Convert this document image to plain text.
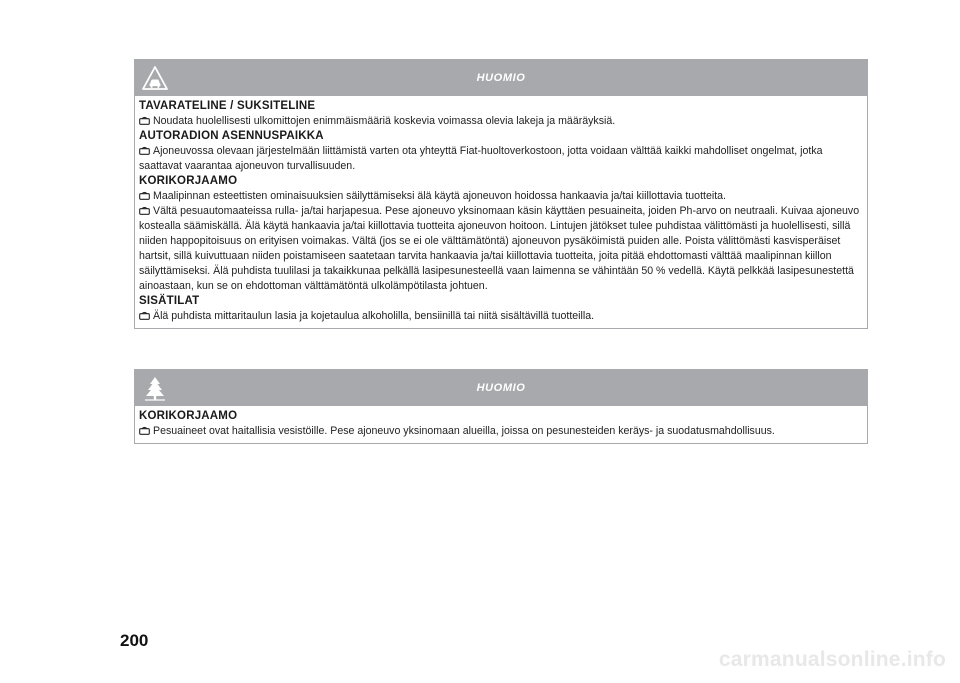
HUOMIO
TAVARATELINE / SUKSITELINE
Noudata huolellisesti ulkomittojen enimmäismääriä koskevia voimassa olevia lakeja ja määräyksiä.
AUTORADION ASENNUSPAIKKA
Ajoneuvossa olevaan järjestelmään liittämistä varten ota yhteyttä Fiat-huoltoverkostoon, jotta voidaan välttää kaikki mahdolliset ongelmat, jotka saattavat vaarantaa ajoneuvon turvallisuuden.
KORIKORJAAMO
Maalipinnan esteettisten ominaisuuksien säilyttämiseksi älä käytä ajoneuvon hoidossa hankaavia ja/tai kiillottavia tuotteita.
Vältä pesuautomaateissa rulla- ja/tai harjapesua. Pese ajoneuvo yksinomaan käsin käyttäen pesuaineita, joiden Ph-arvo on neutraali. Kuivaa ajoneuvo kostealla säämiskällä. Älä käytä hankaavia ja/tai kiillottavia tuotteita ajoneuvon hoitoon. Lintujen jätökset tulee puhdistaa välittömästi ja huolellisesti, sillä niiden happopitoisuus on erityisen voimakas. Vältä (jos se ei ole välttämätöntä) ajoneuvon pysäköimistä puiden alle. Poista välittömästi kasvisperäiset hartsit, sillä kuivuttuaan niiden poistamiseen saatetaan tarvita hankaavia ja/tai kiillottavia tuotteita, joita pitää ehdottomasti välttää maalipinnan kiillon säilyttämiseksi. Älä puhdista tuulilasi ja takaikkunaa pelkällä lasipesunesteellä vaan laimenna se vähintään 50 % vedellä. Käytä pelkkää lasipesunestettä ainoastaan, kun se on ehdottoman välttämätöntä ulkolämpötilasta johtuen.
SISÄTILAT
Älä puhdista mittaritaulun lasia ja kojetaulua alkoholilla, bensiinillä tai niitä sisältävillä tuotteilla.
HUOMIO
KORIKORJAAMO
Pesuaineet ovat haitallisia vesistöille. Pese ajoneuvo yksinomaan alueilla, joissa on pesunesteiden keräys- ja suodatusmahdollisuus.
200
carmanualsonline.info
